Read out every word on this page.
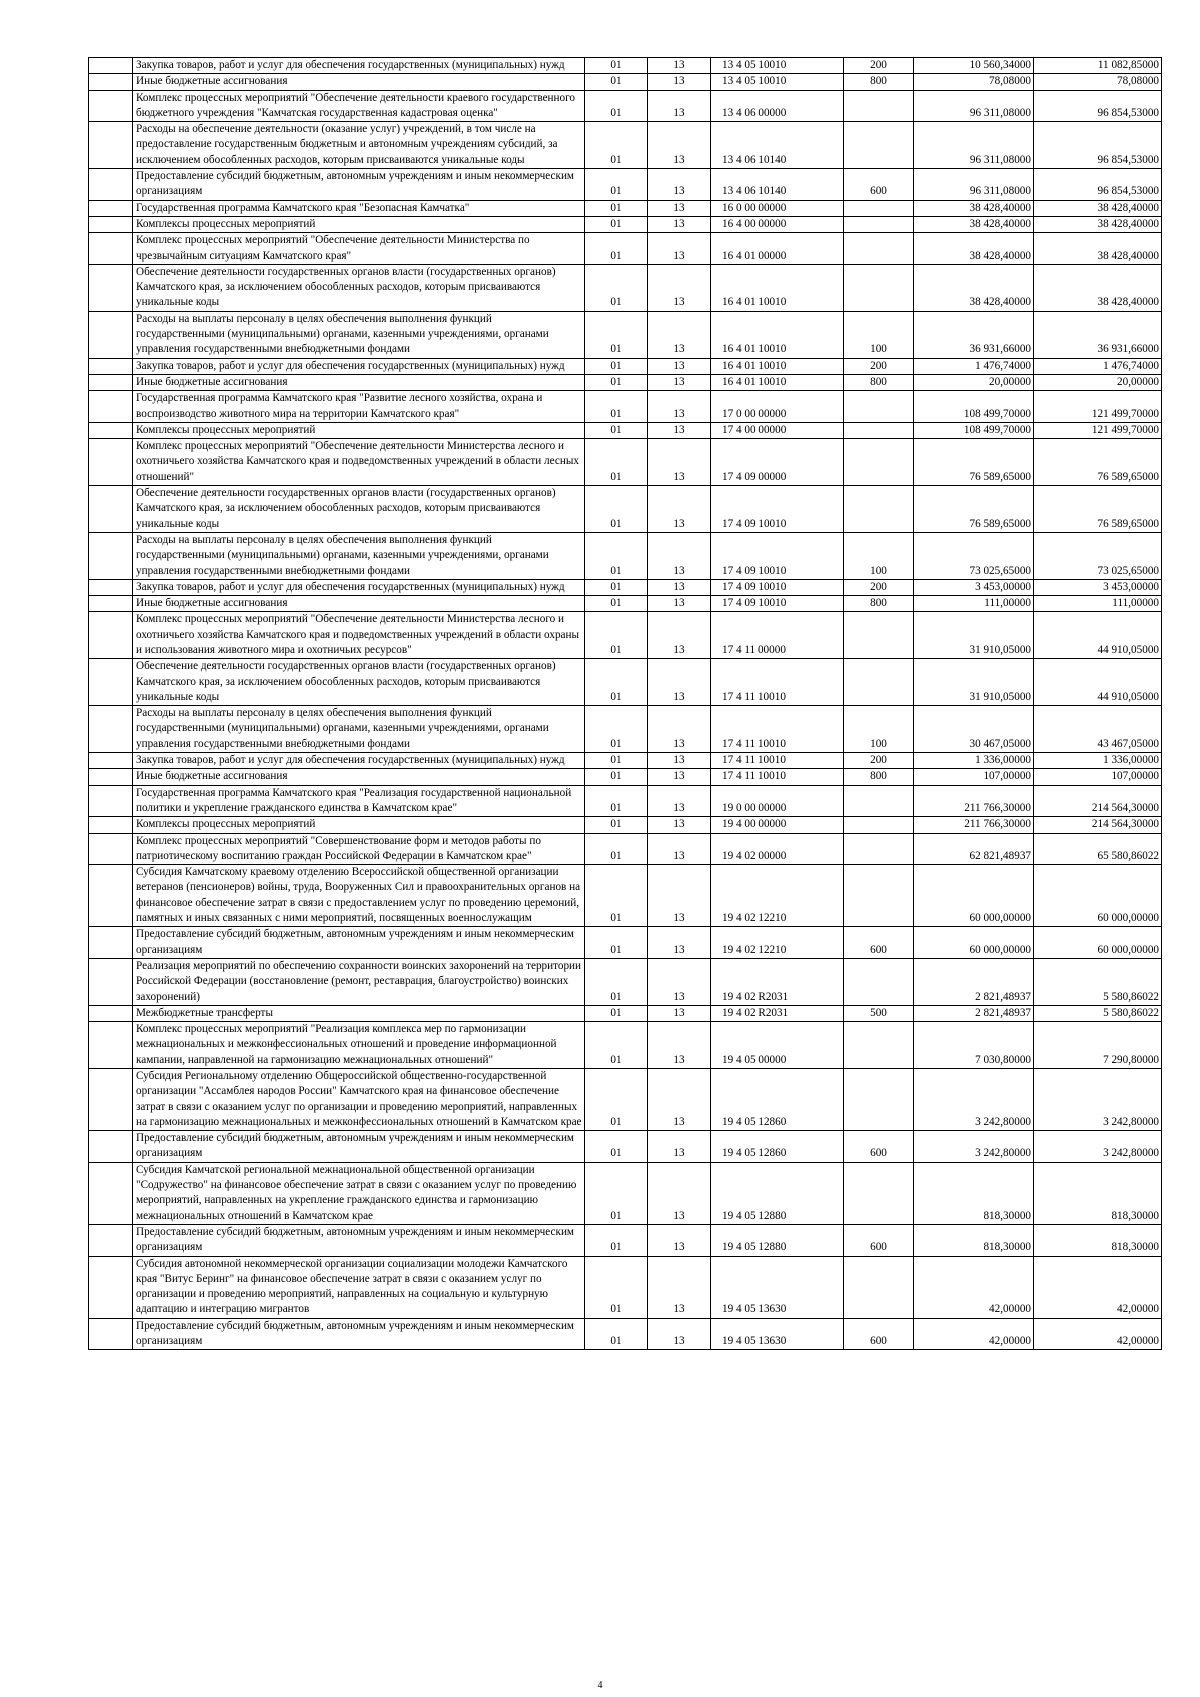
	Закупка товаров, работ и услуг для обеспечения государственных (муниципальных) нужд	01	13	13 4 05 10010	200	10 560,34000	11 082,85000
	Иные бюджетные ассигнования	01	13	13 4 05 10010	800	78,08000	78,08000
	Комплекс процессных мероприятий "Обеспечение деятельности краевого государственного бюджетного учреждения "Камчатская государственная кадастровая оценка"	01	13	13 4 06 00000		96 311,08000	96 854,53000
	Расходы на обеспечение деятельности (оказание услуг) учреждений, в том числе на предоставление государственным бюджетным и автономным учреждениям субсидий, за исключением обособленных расходов, которым присваиваются уникальные коды	01	13	13 4 06 10140		96 311,08000	96 854,53000
	Предоставление субсидий бюджетным, автономным учреждениям и иным некоммерческим организациям	01	13	13 4 06 10140	600	96 311,08000	96 854,53000
	Государственная программа Камчатского края "Безопасная Камчатка"	01	13	16 0 00 00000		38 428,40000	38 428,40000
	Комплексы процессных мероприятий	01	13	16 4 00 00000		38 428,40000	38 428,40000
	Комплекс процессных мероприятий "Обеспечение деятельности Министерства по чрезвычайным ситуациям Камчатского края"	01	13	16 4 01 00000		38 428,40000	38 428,40000
	Обеспечение деятельности государственных органов власти (государственных органов) Камчатского края, за исключением обособленных расходов, которым присваиваются уникальные коды	01	13	16 4 01 10010		38 428,40000	38 428,40000
	Расходы на выплаты персоналу в целях обеспечения выполнения функций государственными (муниципальными) органами, казенными учреждениями, органами управления государственными внебюджетными фондами	01	13	16 4 01 10010	100	36 931,66000	36 931,66000
	Закупка товаров, работ и услуг для обеспечения государственных (муниципальных) нужд	01	13	16 4 01 10010	200	1 476,74000	1 476,74000
	Иные бюджетные ассигнования	01	13	16 4 01 10010	800	20,00000	20,00000
	Государственная программа Камчатского края "Развитие лесного хозяйства, охрана и воспроизводство животного мира на территории Камчатского края"	01	13	17 0 00 00000		108 499,70000	121 499,70000
	Комплексы процессных мероприятий	01	13	17 4 00 00000		108 499,70000	121 499,70000
	Комплекс процессных мероприятий "Обеспечение деятельности Министерства лесного и охотничьего хозяйства Камчатского края и подведомственных учреждений в области лесных отношений"	01	13	17 4 09 00000		76 589,65000	76 589,65000
	Обеспечение деятельности государственных органов власти (государственных органов) Камчатского края, за исключением обособленных расходов, которым присваиваются уникальные коды	01	13	17 4 09 10010		76 589,65000	76 589,65000
	Расходы на выплаты персоналу в целях обеспечения выполнения функций государственными (муниципальными) органами, казенными учреждениями, органами управления государственными внебюджетными фондами	01	13	17 4 09 10010	100	73 025,65000	73 025,65000
	Закупка товаров, работ и услуг для обеспечения государственных (муниципальных) нужд	01	13	17 4 09 10010	200	3 453,00000	3 453,00000
	Иные бюджетные ассигнования	01	13	17 4 09 10010	800	111,00000	111,00000
	Комплекс процессных мероприятий "Обеспечение деятельности Министерства лесного и охотничьего хозяйства Камчатского края и подведомственных учреждений в области охраны и использования животного мира и охотничьих ресурсов"	01	13	17 4 11 00000		31 910,05000	44 910,05000
	Обеспечение деятельности государственных органов власти (государственных органов) Камчатского края, за исключением обособленных расходов, которым присваиваются уникальные коды	01	13	17 4 11 10010		31 910,05000	44 910,05000
	Расходы на выплаты персоналу в целях обеспечения выполнения функций государственными (муниципальными) органами, казенными учреждениями, органами управления государственными внебюджетными фондами	01	13	17 4 11 10010	100	30 467,05000	43 467,05000
	Закупка товаров, работ и услуг для обеспечения государственных (муниципальных) нужд	01	13	17 4 11 10010	200	1 336,00000	1 336,00000
	Иные бюджетные ассигнования	01	13	17 4 11 10010	800	107,00000	107,00000
	Государственная программа Камчатского края "Реализация государственной национальной политики и укрепление гражданского единства в Камчатском крае"	01	13	19 0 00 00000		211 766,30000	214 564,30000
	Комплексы процессных мероприятий	01	13	19 4 00 00000		211 766,30000	214 564,30000
	Комплекс процессных мероприятий "Совершенствование форм и методов работы по патриотическому воспитанию граждан Российской Федерации в Камчатском крае"	01	13	19 4 02 00000		62 821,48937	65 580,86022
	Субсидия Камчатскому краевому отделению Всероссийской общественной организации ветеранов (пенсионеров) войны, труда, Вооруженных Сил и правоохранительных органов на финансовое обеспечение затрат в связи с предоставлением услуг по проведению церемоний, памятных и иных связанных с ними мероприятий, посвященных военнослужащим	01	13	19 4 02 12210		60 000,00000	60 000,00000
	Предоставление субсидий бюджетным, автономным учреждениям и иным некоммерческим организациям	01	13	19 4 02 12210	600	60 000,00000	60 000,00000
	Реализация мероприятий по обеспечению сохранности воинских захоронений на территории Российской Федерации (восстановление (ремонт, реставрация, благоустройство) воинских захоронений)	01	13	19 4 02 R2031		2 821,48937	5 580,86022
	Межбюджетные трансферты	01	13	19 4 02 R2031	500	2 821,48937	5 580,86022
	Комплекс процессных мероприятий "Реализация комплекса мер по гармонизации межнациональных и межконфессиональных отношений и проведение информационной кампании, направленной на гармонизацию межнациональных отношений"	01	13	19 4 05 00000		7 030,80000	7 290,80000
	Субсидия Региональному отделению Общероссийской общественно-государственной организации "Ассамблея народов России" Камчатского края на финансовое обеспечение затрат в связи с оказанием услуг по организации и проведению мероприятий, направленных на гармонизацию межнациональных и межконфессиональных отношений в Камчатском крае	01	13	19 4 05 12860		3 242,80000	3 242,80000
	Предоставление субсидий бюджетным, автономным учреждениям и иным некоммерческим организациям	01	13	19 4 05 12860	600	3 242,80000	3 242,80000
	Субсидия Камчатской региональной межнациональной общественной организации "Содружество" на финансовое обеспечение затрат в связи с оказанием услуг по проведению мероприятий, направленных на укрепление гражданского единства и гармонизацию межнациональных отношений в Камчатском крае	01	13	19 4 05 12880		818,30000	818,30000
	Предоставление субсидий бюджетным, автономным учреждениям и иным некоммерческим организациям	01	13	19 4 05 12880	600	818,30000	818,30000
	Субсидия автономной некоммерческой организации социализации молодежи Камчатского края "Витус Беринг" на финансовое обеспечение затрат в связи с оказанием услуг по организации и проведению мероприятий, направленных на социальную и культурную адаптацию и интеграцию мигрантов	01	13	19 4 05 13630		42,00000	42,00000
	Предоставление субсидий бюджетным, автономным учреждениям и иным некоммерческим организациям	01	13	19 4 05 13630	600	42,00000	42,00000
4
